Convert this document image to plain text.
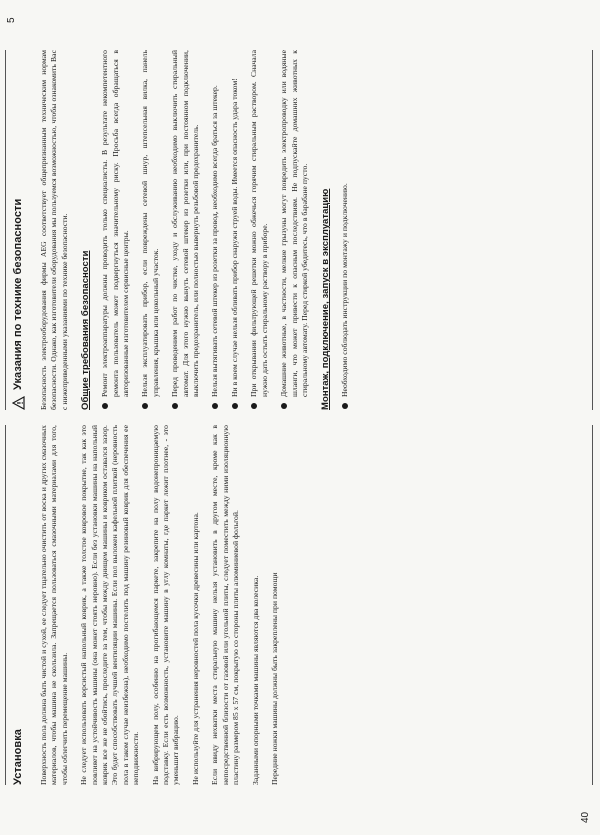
40
5
Установка Поверхность пола должна быть чистой и сухой, ее следует тщательно очистить от воска и других смазочных материалов, чтобы машина не скользила. Запрещается пользоваться смазочными материалами для того, чтобы облегчить перемещение машины. Не следует использовать ворсистый напольный коврик, а также толстое ковровое покрытие, так как это повлияет на устойчивость машины (она может стоять неровно). Если без установки машины на напольный коврик все же не обойтись, проследите за тем, чтобы между днищем машины и ковриком оставался зазор. Это будет способствовать лучшей вентиляции машины. Если пол выложен кафельной плиткой (неровность пола в таком случае неизбежна), необходимо постелить под машину резиновый коврик для обеспечения ее неподвижности. На вибрирующем полу, особенно на прогибающемся паркете, закрепите на полу водонепроницаемую подставку. Если есть возможность, установите машину в углу комнаты, где паркет лежит плотнее, - это уменьшит вибрацию. Не используйте для устранения неровностей пола кусочки древесины или картона. Если ввиду нехватки места стиральную машину нельзя установить в другом месте, кроме как в непосредственной близости от газовой или угольной плиты, следует поместить между ними изоляционную пластину размером 85 х 57 см, покрытую со стороны плиты алюминиевой фольгой. Заданными опорными точками машины являются два колесика. Передние ножки машины должны быть закреплены при помощи

Указания по технике безопасности Безопасность электрооборудования фирмы AEG соответствует общепризнанным техническим нормам безопасности. Однако, как изготовители оборудования мы пользуемся возможностью, чтобы ознакомить Вас с нижеприведенными указаниями по технике безопасности. Общие требования безопасности Ремонт электроаппаратуры должны проводить только специалисты. В результате некомпетентного ремонта пользователь может подвергнуться значительному риску. Просьба всегда обращаться в авторизованные изготовителем сервисные центры. Нельзя эксплуатировать прибор, если повреждены сетевой шнур, штепсельная вилка, панель управления, крышка или цокольный участок. Перед проведением работ по чистке, уходу и обслуживанию необходимо выключить стиральный автомат. Для этого нужно вынуть сетевой штекер из розетки или, при постоянном подключении, выключить предохранитель, или полностью вывернуть резьбовой предохранитель. Нельзя вытягивать сетевой штекер из розетки за провод, необходимо всегда браться за штекер. Ни в коем случае нельзя обливать прибор снаружи струей воды. Имеется опасность удара током! При открывании фильтрующей решетки можно обжечься горячим стиральным раствором. Сначала нужно дать остыть стиральному раствору в приборе. Домашние животные, в частности, мелкие грызуны могут повредить электропроводку или водяные шланги, что может привести к опасным последствиям. Не подпускайте домашних животных к стиральному автомату. Перед стиркой убедитесь, что в барабане пусто. Монтаж, подключение, запуск в эксплуатацию Необходимо соблюдать инструкции по монтажу и подключению.
